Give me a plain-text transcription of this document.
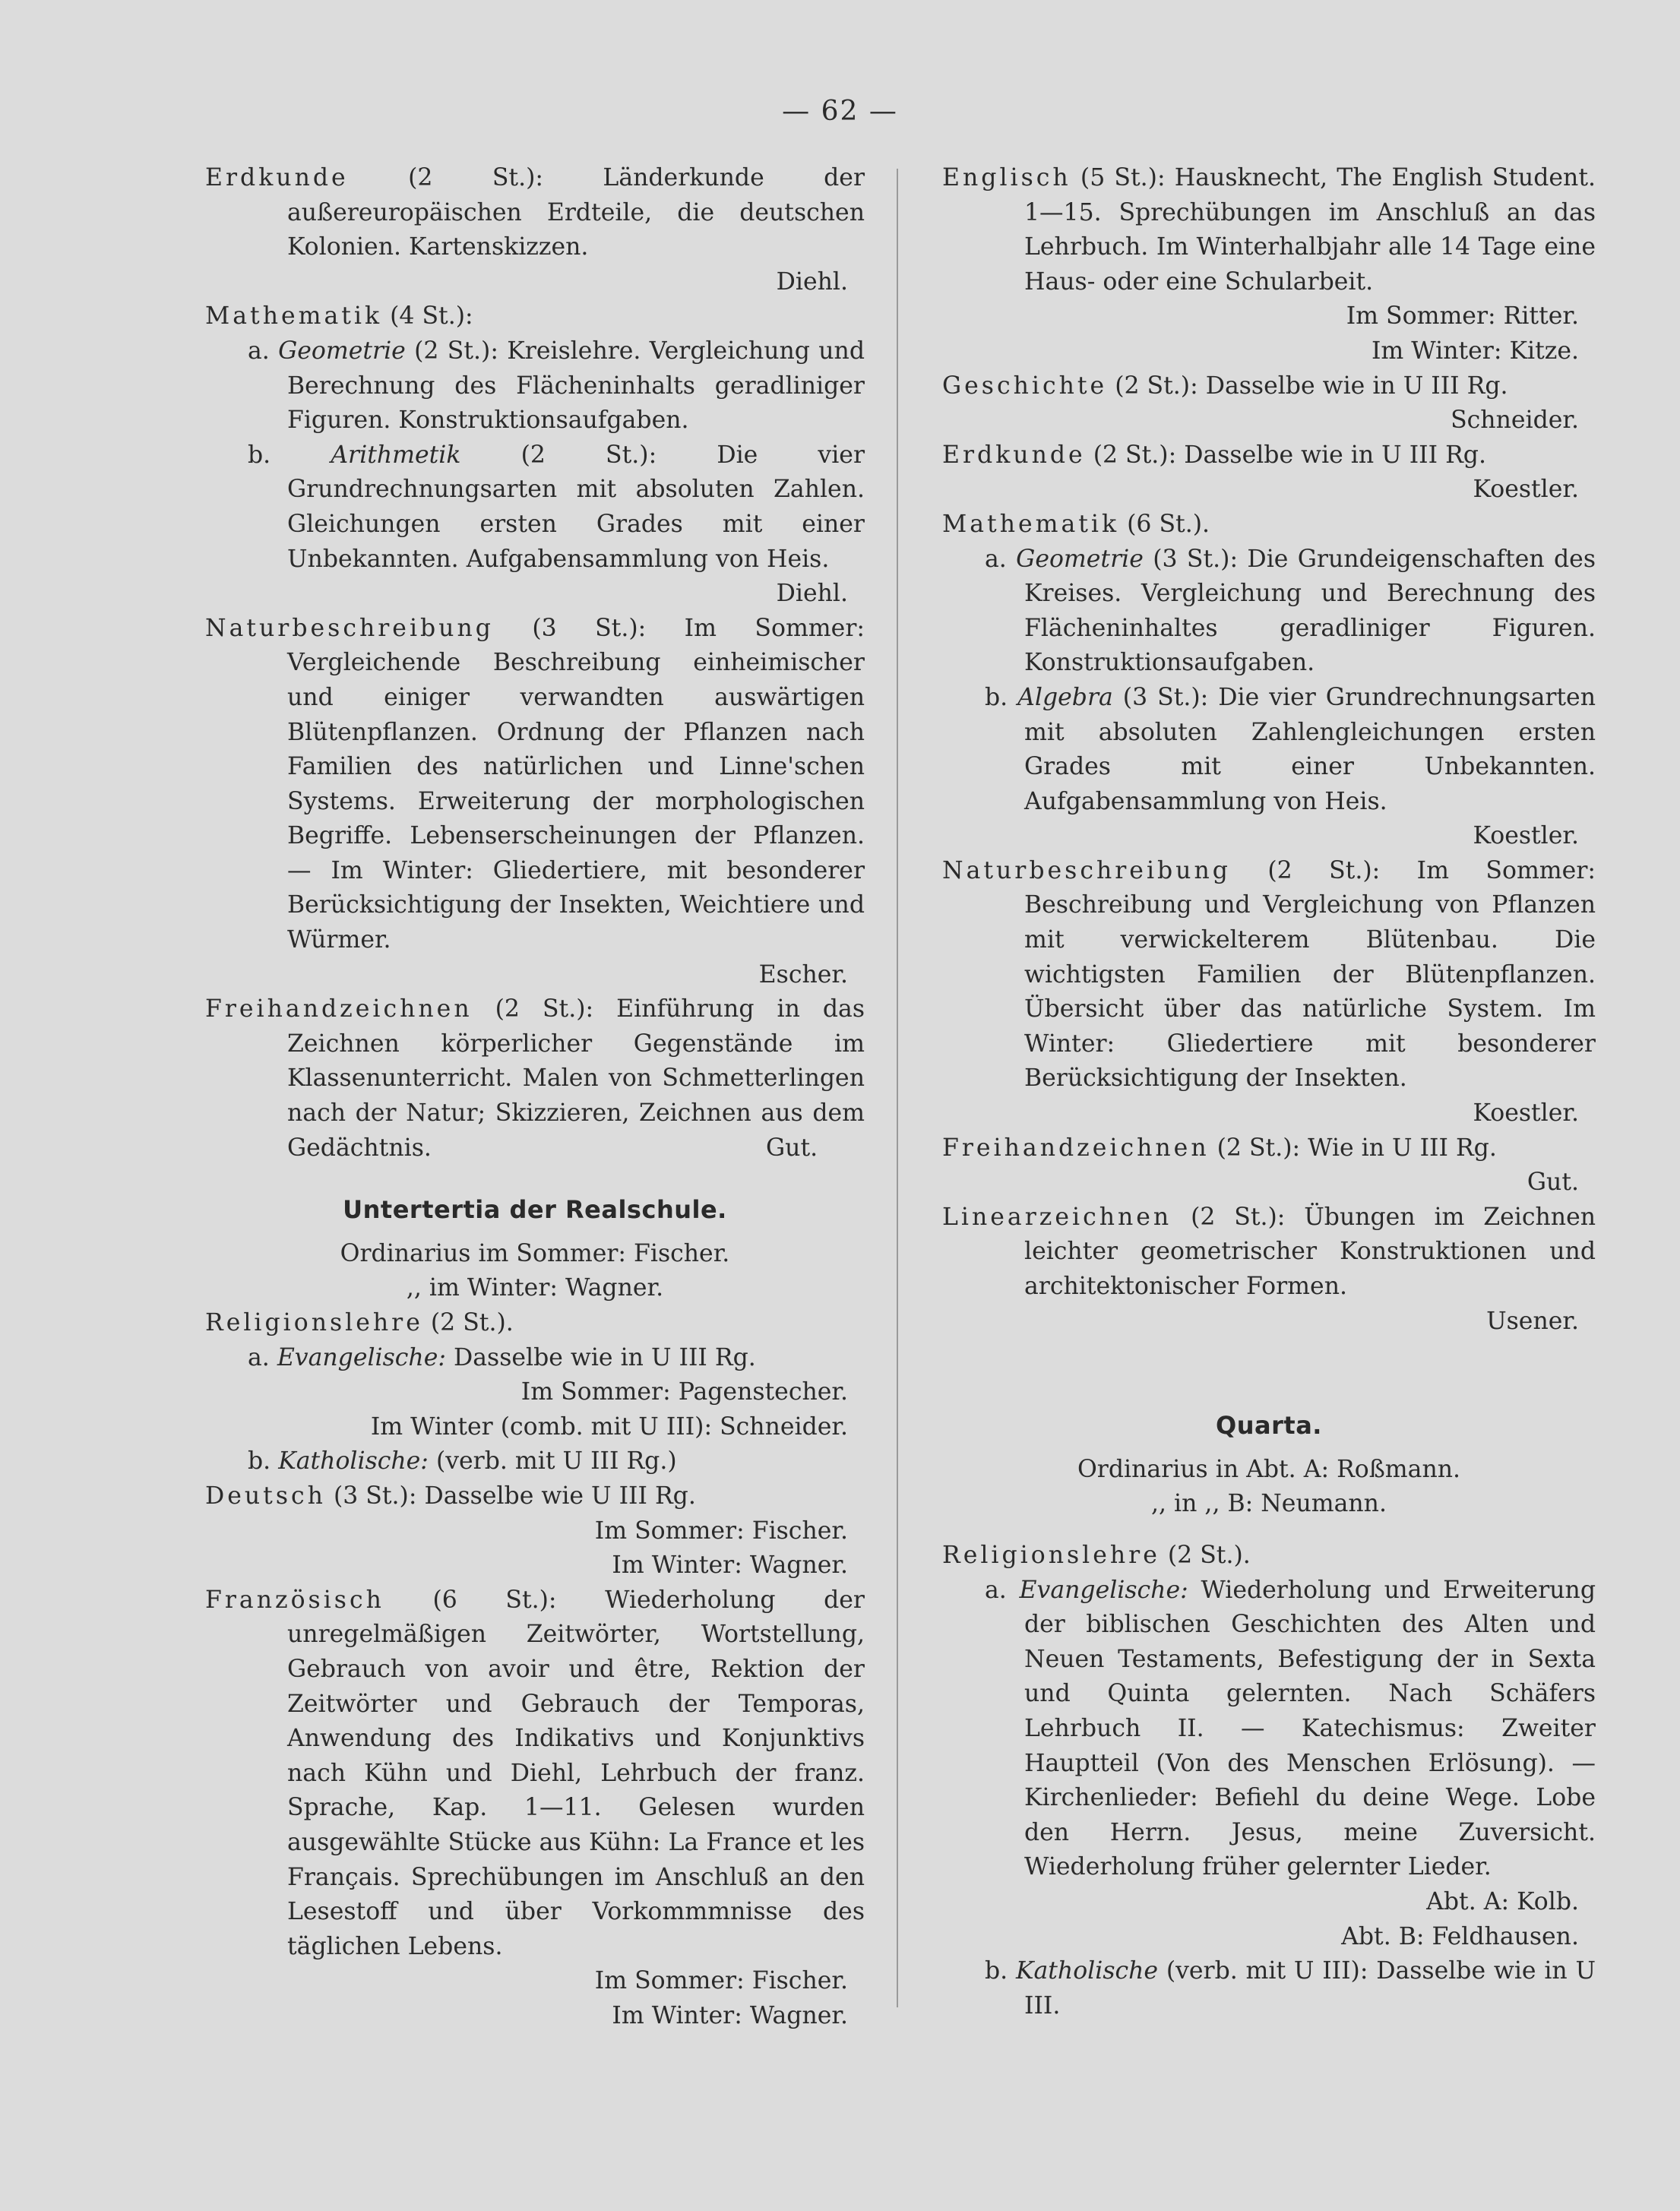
— 62 —

Erdkunde (2 St.): Länderkunde der außereuropäischen Erdteile, die deutschen Kolonien. Kartenskizzen.

Diehl.

Mathematik (4 St.):

a. Geometrie (2 St.): Kreislehre. Vergleichung und Berechnung des Flächeninhalts geradliniger Figuren. Konstruktionsaufgaben.

b. Arithmetik (2 St.): Die vier Grundrechnungsarten mit absoluten Zahlen. Gleichungen ersten Grades mit einer Unbekannten. Aufgabensammlung von Heis.

Diehl.

Naturbeschreibung (3 St.): Im Sommer: Vergleichende Beschreibung einheimischer und einiger verwandten auswärtigen Blütenpflanzen. Ordnung der Pflanzen nach Familien des natürlichen und Linne'schen Systems. Erweiterung der morphologischen Begriffe. Lebenserscheinungen der Pflanzen. — Im Winter: Gliedertiere, mit besonderer Berücksichtigung der Insekten, Weichtiere und Würmer.

Escher.

Freihandzeichnen (2 St.): Einführung in das Zeichnen körperlicher Gegenstände im Klassenunterricht. Malen von Schmetterlingen nach der Natur; Skizzieren, Zeichnen aus dem Gedächtnis.	Gut.

Untertertia der Realschule.

Ordinarius im Sommer: Fischer.

,, im Winter: Wagner.

Religionslehre (2 St.).

a. Evangelische: Dasselbe wie in U III Rg.

Im Sommer: Pagenstecher.

Im Winter (comb. mit U III): Schneider.

b. Katholische: (verb. mit U III Rg.)

Deutsch (3 St.): Dasselbe wie U III Rg.

Im Sommer: Fischer.

Im Winter: Wagner.

Französisch (6 St.): Wiederholung der unregelmäßigen Zeitwörter, Wortstellung, Gebrauch von avoir und être, Rektion der Zeitwörter und Gebrauch der Temporas, Anwendung des Indikativs und Konjunktivs nach Kühn und Diehl, Lehrbuch der franz. Sprache, Kap. 1—11. Gelesen wurden ausgewählte Stücke aus Kühn: La France et les Français. Sprechübungen im Anschluß an den Lesestoff und über Vorkommmnisse des täglichen Lebens.

Im Sommer: Fischer.

Im Winter: Wagner.

Englisch (5 St.): Hausknecht, The English Student. 1—15. Sprechübungen im Anschluß an das Lehrbuch. Im Winterhalbjahr alle 14 Tage eine Haus- oder eine Schularbeit.

Im Sommer: Ritter.

Im Winter: Kitze.

Geschichte (2 St.): Dasselbe wie in U III Rg.

Schneider.

Erdkunde (2 St.): Dasselbe wie in U III Rg.

Koestler.

Mathematik (6 St.).

a. Geometrie (3 St.): Die Grundeigenschaften des Kreises. Vergleichung und Berechnung des Flächeninhaltes geradliniger Figuren. Konstruktionsaufgaben.

b. Algebra (3 St.): Die vier Grundrechnungsarten mit absoluten Zahlengleichungen ersten Grades mit einer Unbekannten. Aufgabensammlung von Heis.

Koestler.

Naturbeschreibung (2 St.): Im Sommer: Beschreibung und Vergleichung von Pflanzen mit verwickelterem Blütenbau. Die wichtigsten Familien der Blütenpflanzen. Übersicht über das natürliche System. Im Winter: Gliedertiere mit besonderer Berücksichtigung der Insekten.

Koestler.

Freihandzeichnen (2 St.): Wie in U III Rg.

Gut.

Linearzeichnen (2 St.): Übungen im Zeichnen leichter geometrischer Konstruktionen und architektonischer Formen.

Usener.

Quarta.

Ordinarius in Abt. A: Roßmann.

,, in ,, B: Neumann.

Religionslehre (2 St.).

a. Evangelische: Wiederholung und Erweiterung der biblischen Geschichten des Alten und Neuen Testaments, Befestigung der in Sexta und Quinta gelernten. Nach Schäfers Lehrbuch II. — Katechismus: Zweiter Hauptteil (Von des Menschen Erlösung). — Kirchenlieder: Befiehl du deine Wege. Lobe den Herrn. Jesus, meine Zuversicht. Wiederholung früher gelernter Lieder.

Abt. A: Kolb.

Abt. B: Feldhausen.

b. Katholische (verb. mit U III): Dasselbe wie in U III.
